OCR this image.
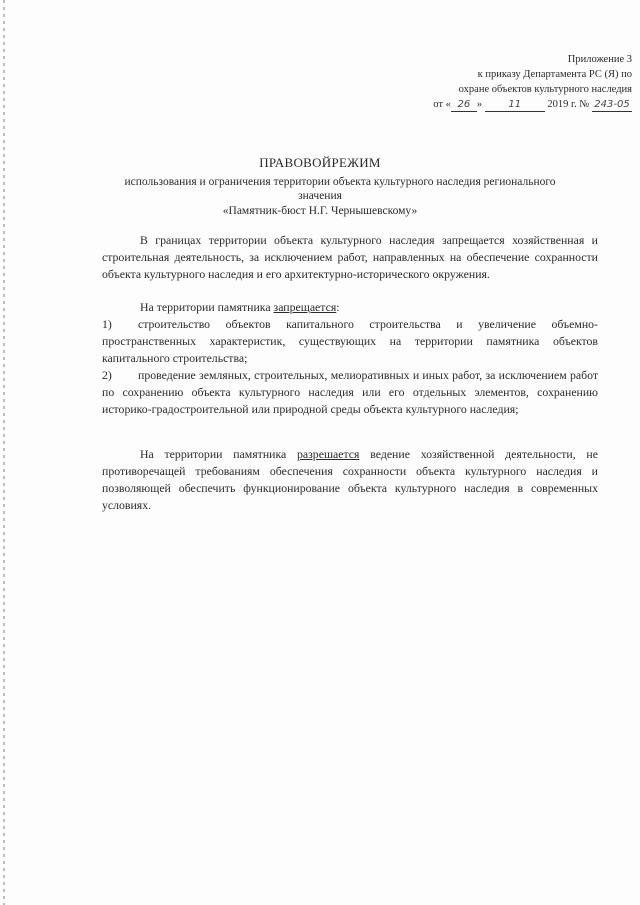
Приложение 3
к приказу Департамента РС (Я) по
охране объектов культурного наследия
от « 26 »	11	2019 г. № 243-05
ПРАВОВОЙРЕЖИМ
использования и ограничения территории объекта культурного наследия регионального
значения
«Памятник-бюст Н.Г. Чернышевскому»
В границах территории объекта культурного наследия запрещается хозяйственная и строительная деятельность, за исключением работ, направленных на обеспечение сохранности объекта культурного наследия и его архитектурно-исторического окружения.
На территории памятника запрещается:
1) строительство объектов капитального строительства и увеличение объемно-пространственных характеристик, существующих на территории памятника объектов капитального строительства;
2) проведение земляных, строительных, мелиоративных и иных работ, за исключением работ по сохранению объекта культурного наследия или его отдельных элементов, сохранению историко-градостроительной или природной среды объекта культурного наследия;
На территории памятника разрешается ведение хозяйственной деятельности, не противоречащей требованиям обеспечения сохранности объекта культурного наследия и позволяющей обеспечить функционирование объекта культурного наследия в современных условиях.
